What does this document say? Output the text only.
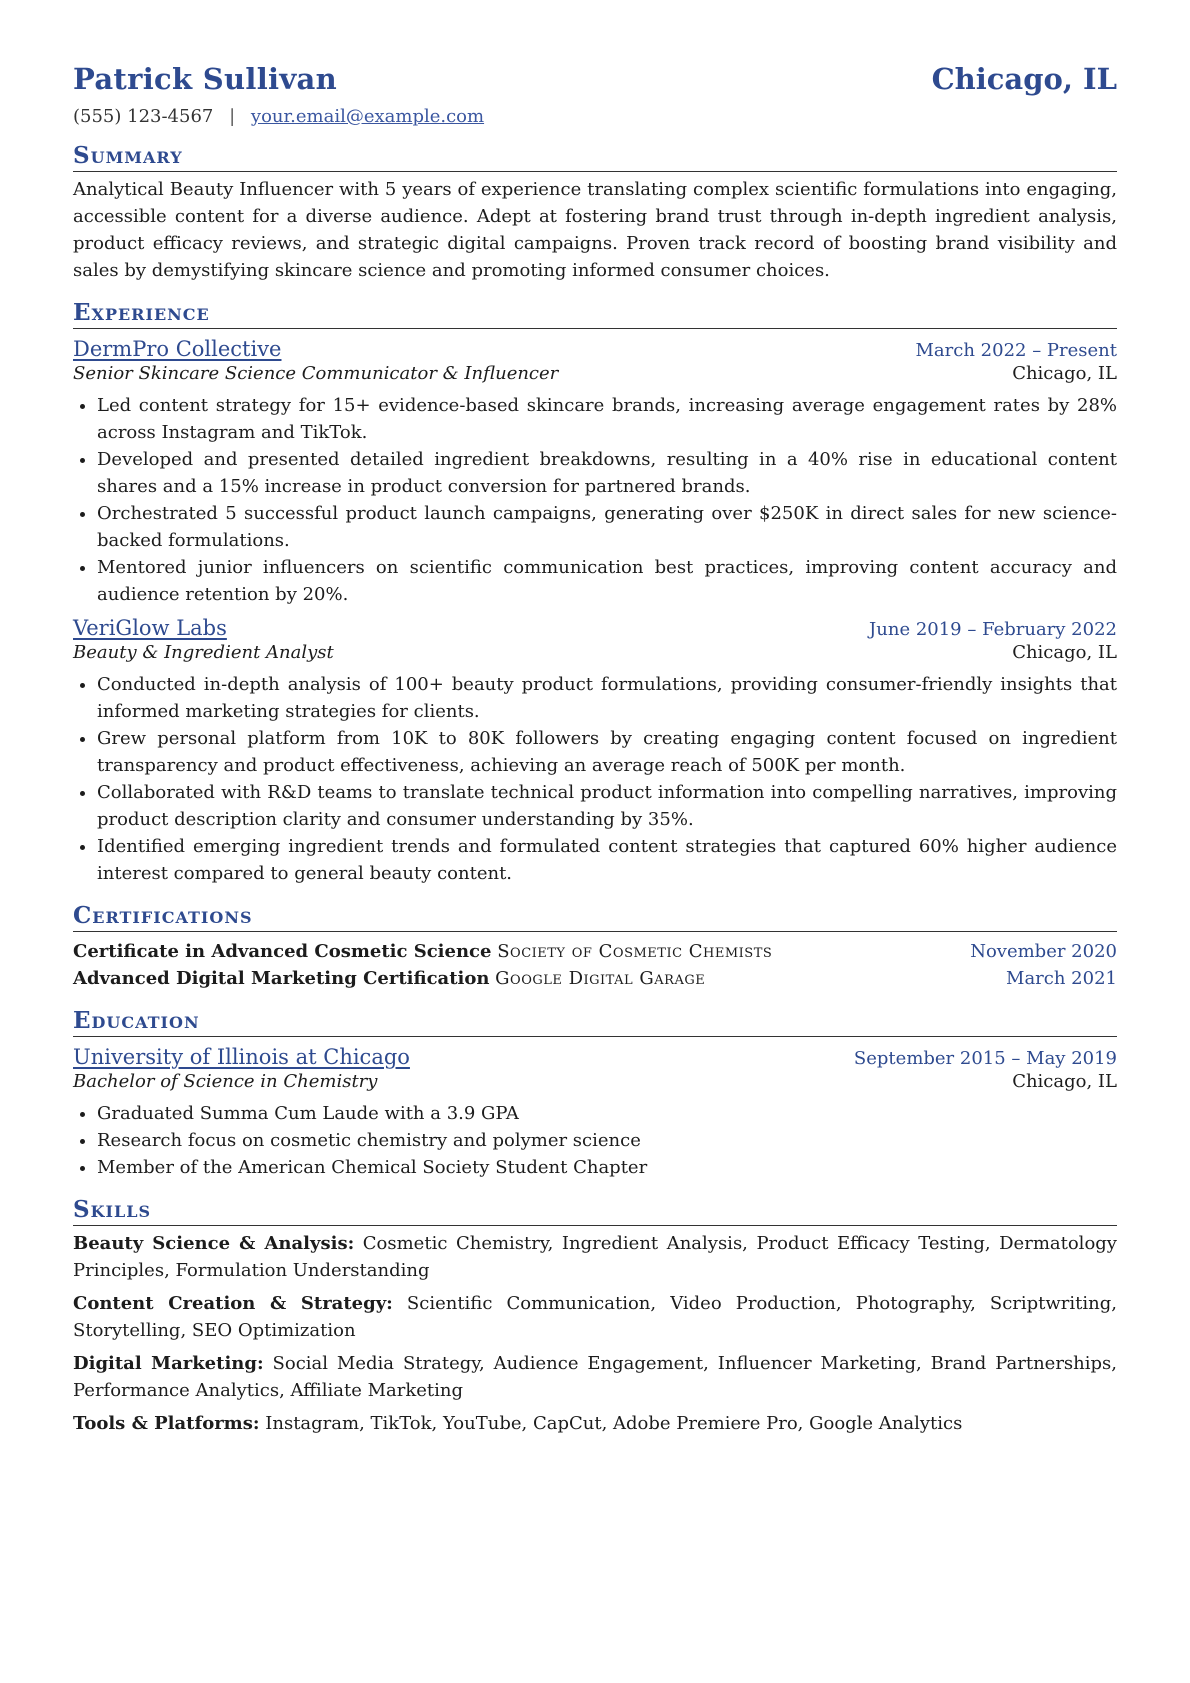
Patrick Sullivan	Chicago, IL
(555) 123-4567 | your.email@example.com
Summary
Analytical Beauty Influencer with 5 years of experience translating complex scientific formulations into engaging, accessible content for a diverse audience. Adept at fostering brand trust through in-depth ingredient analysis, product efficacy reviews, and strategic digital campaigns. Proven track record of boosting brand visibility and sales by demystifying skincare science and promoting informed consumer choices.
Experience
DermPro Collective	March 2022 – Present
Senior Skincare Science Communicator & Influencer	Chicago, IL
• Led content strategy for 15+ evidence-based skincare brands, increasing average engagement rates by 28% across Instagram and TikTok.
• Developed and presented detailed ingredient breakdowns, resulting in a 40% rise in educational content shares and a 15% increase in product conversion for partnered brands.
• Orchestrated 5 successful product launch campaigns, generating over $250K in direct sales for new science-backed formulations.
• Mentored junior influencers on scientific communication best practices, improving content accuracy and audience retention by 20%.
VeriGlow Labs	June 2019 – February 2022
Beauty & Ingredient Analyst	Chicago, IL
• Conducted in-depth analysis of 100+ beauty product formulations, providing consumer-friendly insights that informed marketing strategies for clients.
• Grew personal platform from 10K to 80K followers by creating engaging content focused on ingredient transparency and product effectiveness, achieving an average reach of 500K per month.
• Collaborated with R&D teams to translate technical product information into compelling narratives, improving product description clarity and consumer understanding by 35%.
• Identified emerging ingredient trends and formulated content strategies that captured 60% higher audience interest compared to general beauty content.
Certifications
Certificate in Advanced Cosmetic Science Society of Cosmetic Chemists	November 2020
Advanced Digital Marketing Certification Google Digital Garage	March 2021
Education
University of Illinois at Chicago	September 2015 – May 2019
Bachelor of Science in Chemistry	Chicago, IL
• Graduated Summa Cum Laude with a 3.9 GPA
• Research focus on cosmetic chemistry and polymer science
• Member of the American Chemical Society Student Chapter
Skills
Beauty Science & Analysis: Cosmetic Chemistry, Ingredient Analysis, Product Efficacy Testing, Dermatology Principles, Formulation Understanding
Content Creation & Strategy: Scientific Communication, Video Production, Photography, Scriptwriting, Storytelling, SEO Optimization
Digital Marketing: Social Media Strategy, Audience Engagement, Influencer Marketing, Brand Partnerships, Performance Analytics, Affiliate Marketing
Tools & Platforms: Instagram, TikTok, YouTube, CapCut, Adobe Premiere Pro, Google Analytics
